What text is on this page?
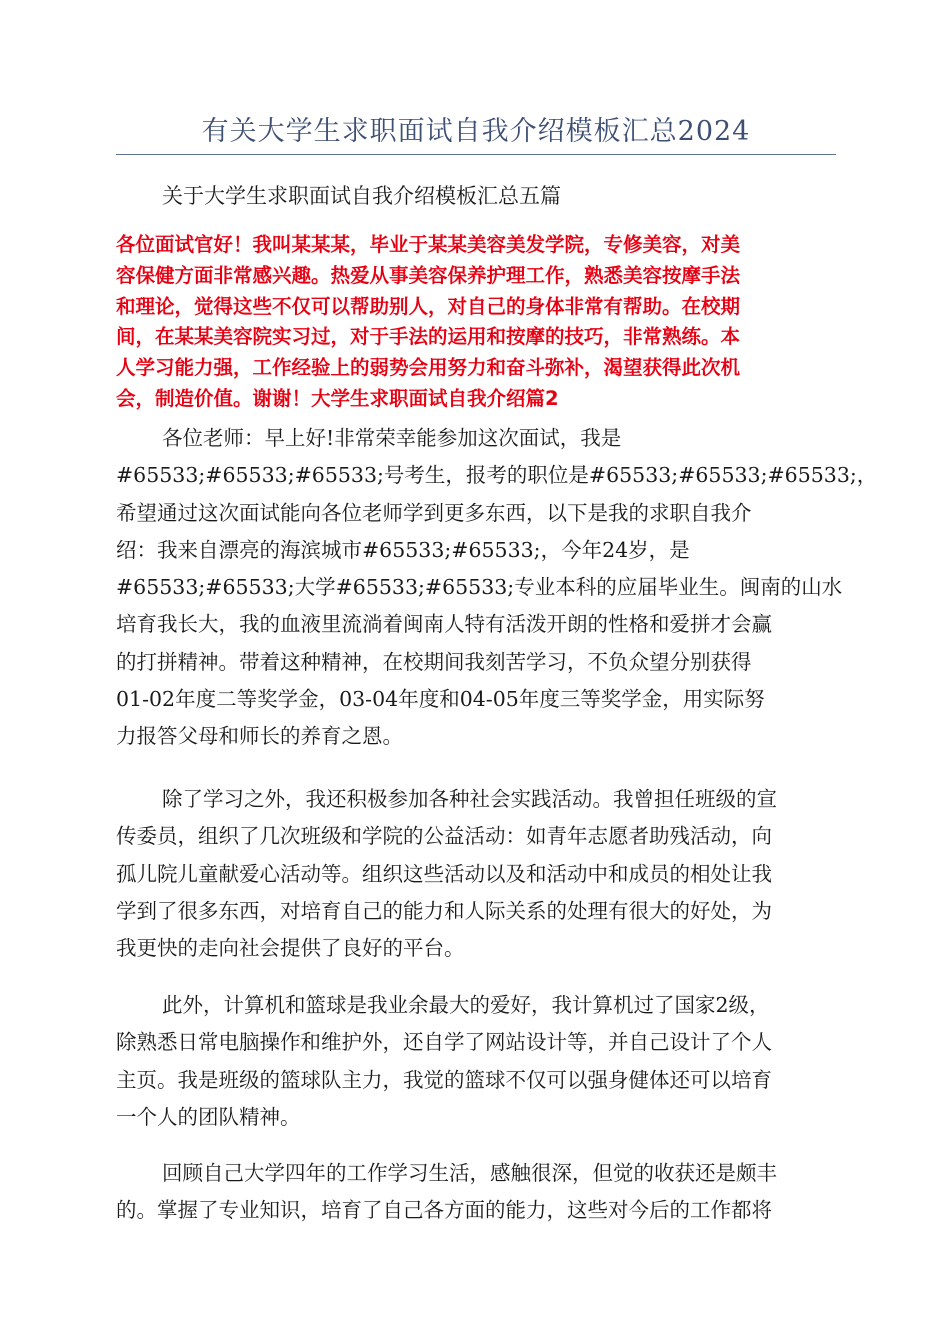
有关大学生求职面试自我介绍模板汇总2024
关于大学生求职面试自我介绍模板汇总五篇
各位面试官好！我叫某某某，毕业于某某美容美发学院，专修美容，对美
容保健方面非常感兴趣。热爱从事美容保养护理工作，熟悉美容按摩手法
和理论，觉得这些不仅可以帮助别人，对自己的身体非常有帮助。在校期
间，在某某美容院实习过，对于手法的运用和按摩的技巧，非常熟练。本
人学习能力强，工作经验上的弱势会用努力和奋斗弥补，渴望获得此次机
会，制造价值。谢谢！大学生求职面试自我介绍篇2
各位老师：早上好!非常荣幸能参加这次面试，我是
#65533;#65533;#65533;号考生，报考的职位是#65533;#65533;#65533;，
希望通过这次面试能向各位老师学到更多东西，以下是我的求职自我介
绍：我来自漂亮的海滨城市#65533;#65533;，今年24岁，是
#65533;#65533;大学#65533;#65533;专业本科的应届毕业生。闽南的山水
培育我长大，我的血液里流淌着闽南人特有活泼开朗的性格和爱拼才会赢
的打拼精神。带着这种精神，在校期间我刻苦学习，不负众望分别获得
01-02年度二等奖学金，03-04年度和04-05年度三等奖学金，用实际努
力报答父母和师长的养育之恩。
除了学习之外，我还积极参加各种社会实践活动。我曾担任班级的宣
传委员，组织了几次班级和学院的公益活动：如青年志愿者助残活动，向
孤儿院儿童献爱心活动等。组织这些活动以及和活动中和成员的相处让我
学到了很多东西，对培育自己的能力和人际关系的处理有很大的好处，为
我更快的走向社会提供了良好的平台。
此外，计算机和篮球是我业余最大的爱好，我计算机过了国家2级，
除熟悉日常电脑操作和维护外，还自学了网站设计等，并自己设计了个人
主页。我是班级的篮球队主力，我觉的篮球不仅可以强身健体还可以培育
一个人的团队精神。
回顾自己大学四年的工作学习生活，感触很深，但觉的收获还是颇丰
的。掌握了专业知识，培育了自己各方面的能力，这些对今后的工作都将
